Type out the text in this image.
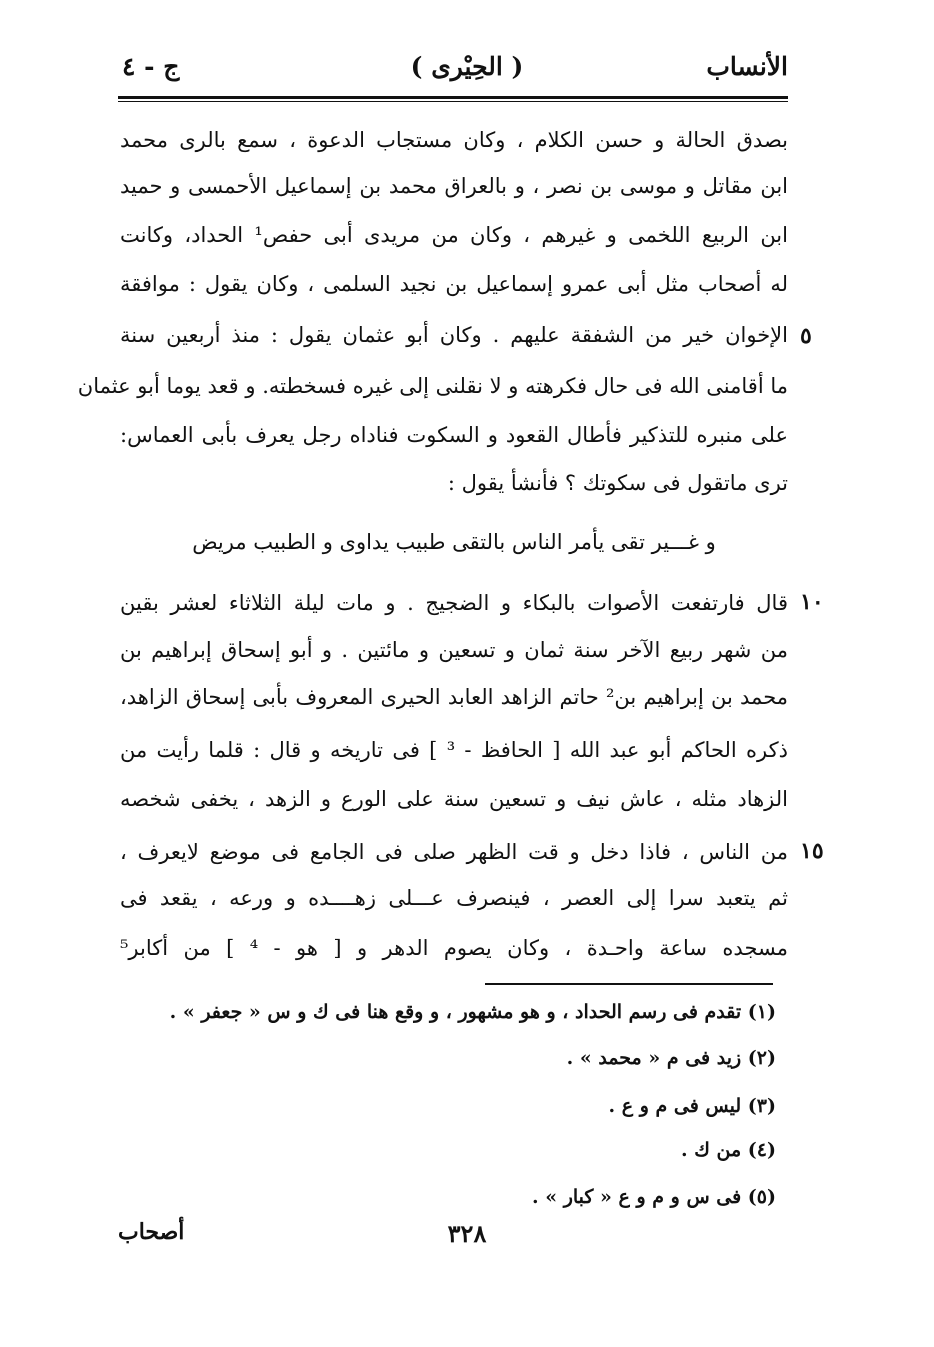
الأنساب
( الحِيْرى )
ج - ٤
بصدق الحالة و حسن الكلام ، وكان مستجاب الدعوة ، سمع بالرى محمد
ابن مقاتل و موسى بن نصر ، و بالعراق محمد بن إسماعيل الأحمسى و حميد
ابن الربيع اللخمى و غيرهم ، وكان من مريدى أبى حفص¹ الحداد، وكانت
له أصحاب مثل أبى عمرو إسماعيل بن نجيد السلمى ، وكان يقول : موافقة
الإخوان خير من الشفقة عليهم . وكان أبو عثمان يقول : منذ أربعين سنة
ما أقامنى الله فى حال فكرهته و لا نقلنى إلى غيره فسخطته. و قعد يوما أبو عثمان
على منبره للتذكير فأطال القعود و السكوت فناداه رجل يعرف بأبى العماس:
ترى ماتقول فى سكوتك ؟ فأنشأ يقول :
و غـــير تقى يأمر الناس بالتقى طبيب يداوى و الطبيب مريض
قال فارتفعت الأصوات بالبكاء و الضجيج . و مات ليلة الثلاثاء لعشر بقين
من شهر ربيع الآخر سنة ثمان و تسعين و مائتين . و أبو إسحاق إبراهيم بن
محمد بن إبراهيم بن² حاتم الزاهد العابد الحيرى المعروف بأبى إسحاق الزاهد،
ذكره الحاكم أبو عبد الله [ الحافظ - ³ ] فى تاريخه و قال : قلما رأيت من
الزهاد مثله ، عاش نيف و تسعين سنة على الورع و الزهد ، يخفى شخصه
من الناس ، فاذا دخل و قت الظهر صلى فى الجامع فى موضع لايعرف ،
ثم يتعبد سرا إلى العصر ، فينصرف عـــلى زهــــده و ورعه ، يقعد فى
مسجده ساعة واحـدة ، وكان يصوم الدهر و [ هو - ⁴ ] من أكابر⁵
٥
١٠
١٥
(١) تقدم فى رسم الحداد ، و هو مشهور ، و وقع هنا فى ك و س « جعفر » .
(٢) زيد فى م « محمد » .
(٣) ليس فى م و ع .
(٤) من ك .
(٥) فى س و م و ع « كبار » .
أصحاب	٣٢٨
